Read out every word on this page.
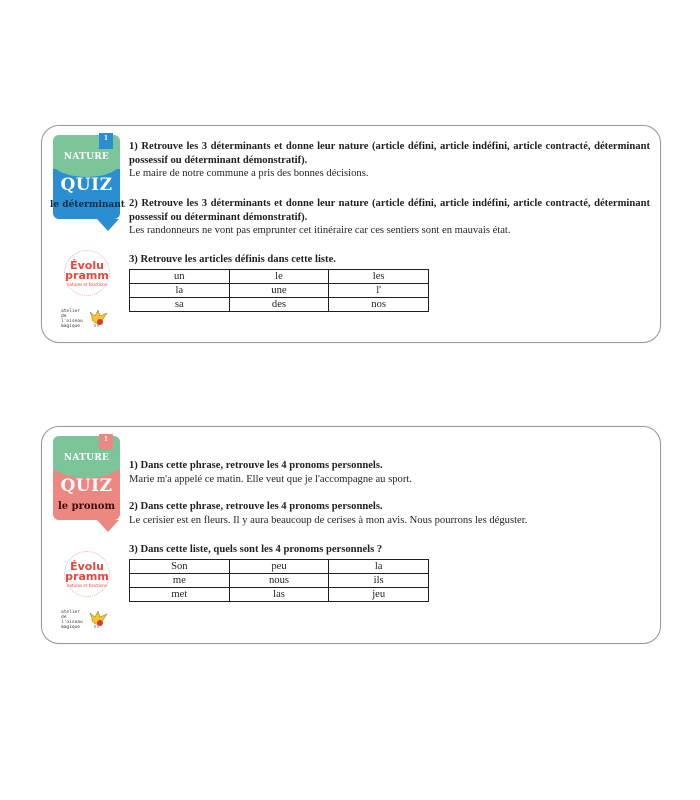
1
NATURE
QUIZ
le déterminant
Évolu
pramm
natures et fonctions
atelier de l'oiseau magique
1) Retrouve les 3 déterminants et donne leur nature (article défini, article indéfini, article contracté, déterminant possessif ou déterminant démonstratif).
Le maire de notre commune a pris des bonnes décisions.
2) Retrouve les 3 déterminants et donne leur nature (article défini, article indéfini, article contracté, déterminant possessif ou déterminant démonstratif).
Les randonneurs ne vont pas emprunter cet itinéraire car ces sentiers sont en mauvais état.
3) Retrouve les articles définis dans cette liste.
un	le	les
la	une	l'
sa	des	nos
1
NATURE
QUIZ
le pronom
Évolu
pramm
natures et fonctions
atelier de l'oiseau magique
1) Dans cette phrase, retrouve les 4 pronoms personnels.
Marie m'a appelé ce matin. Elle veut que je l'accompagne au sport.
2) Dans cette phrase, retrouve les 4 pronoms personnels.
Le cerisier est en fleurs. Il y aura beaucoup de cerises à mon avis. Nous pourrons les déguster.
3) Dans cette liste, quels sont les 4 pronoms personnels ?
Son	peu	la
me	nous	ils
met	las	jeu
